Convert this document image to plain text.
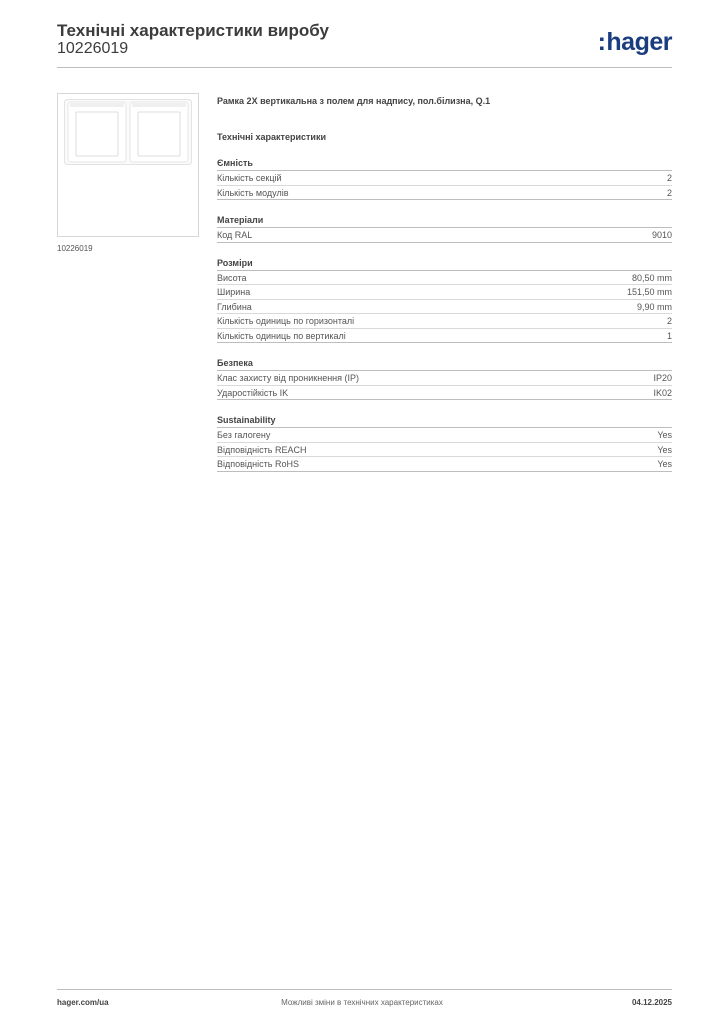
Технічні характеристики виробу
10226019	:hager
10226019
Рамка 2X вертикальна з полем для надпису, пол.білизна, Q.1
Технічні характеристики
Ємність
Кількість секцій	2
Кількість модулів	2
Матеріали
Код RAL	9010
Розміри
Висота	80,50 mm
Ширина	151,50 mm
Глибина	9,90 mm
Кількість одиниць по горизонталі	2
Кількість одиниць по вертикалі	1
Безпека
Клас захисту від проникнення (IP)	IP20
Ударостійкість IK	IK02
Sustainability
Без галогену	Yes
Відповідність REACH	Yes
Відповідність RoHS	Yes
hager.com/ua	Можливі зміни в технічних характеристиках	04.12.2025
